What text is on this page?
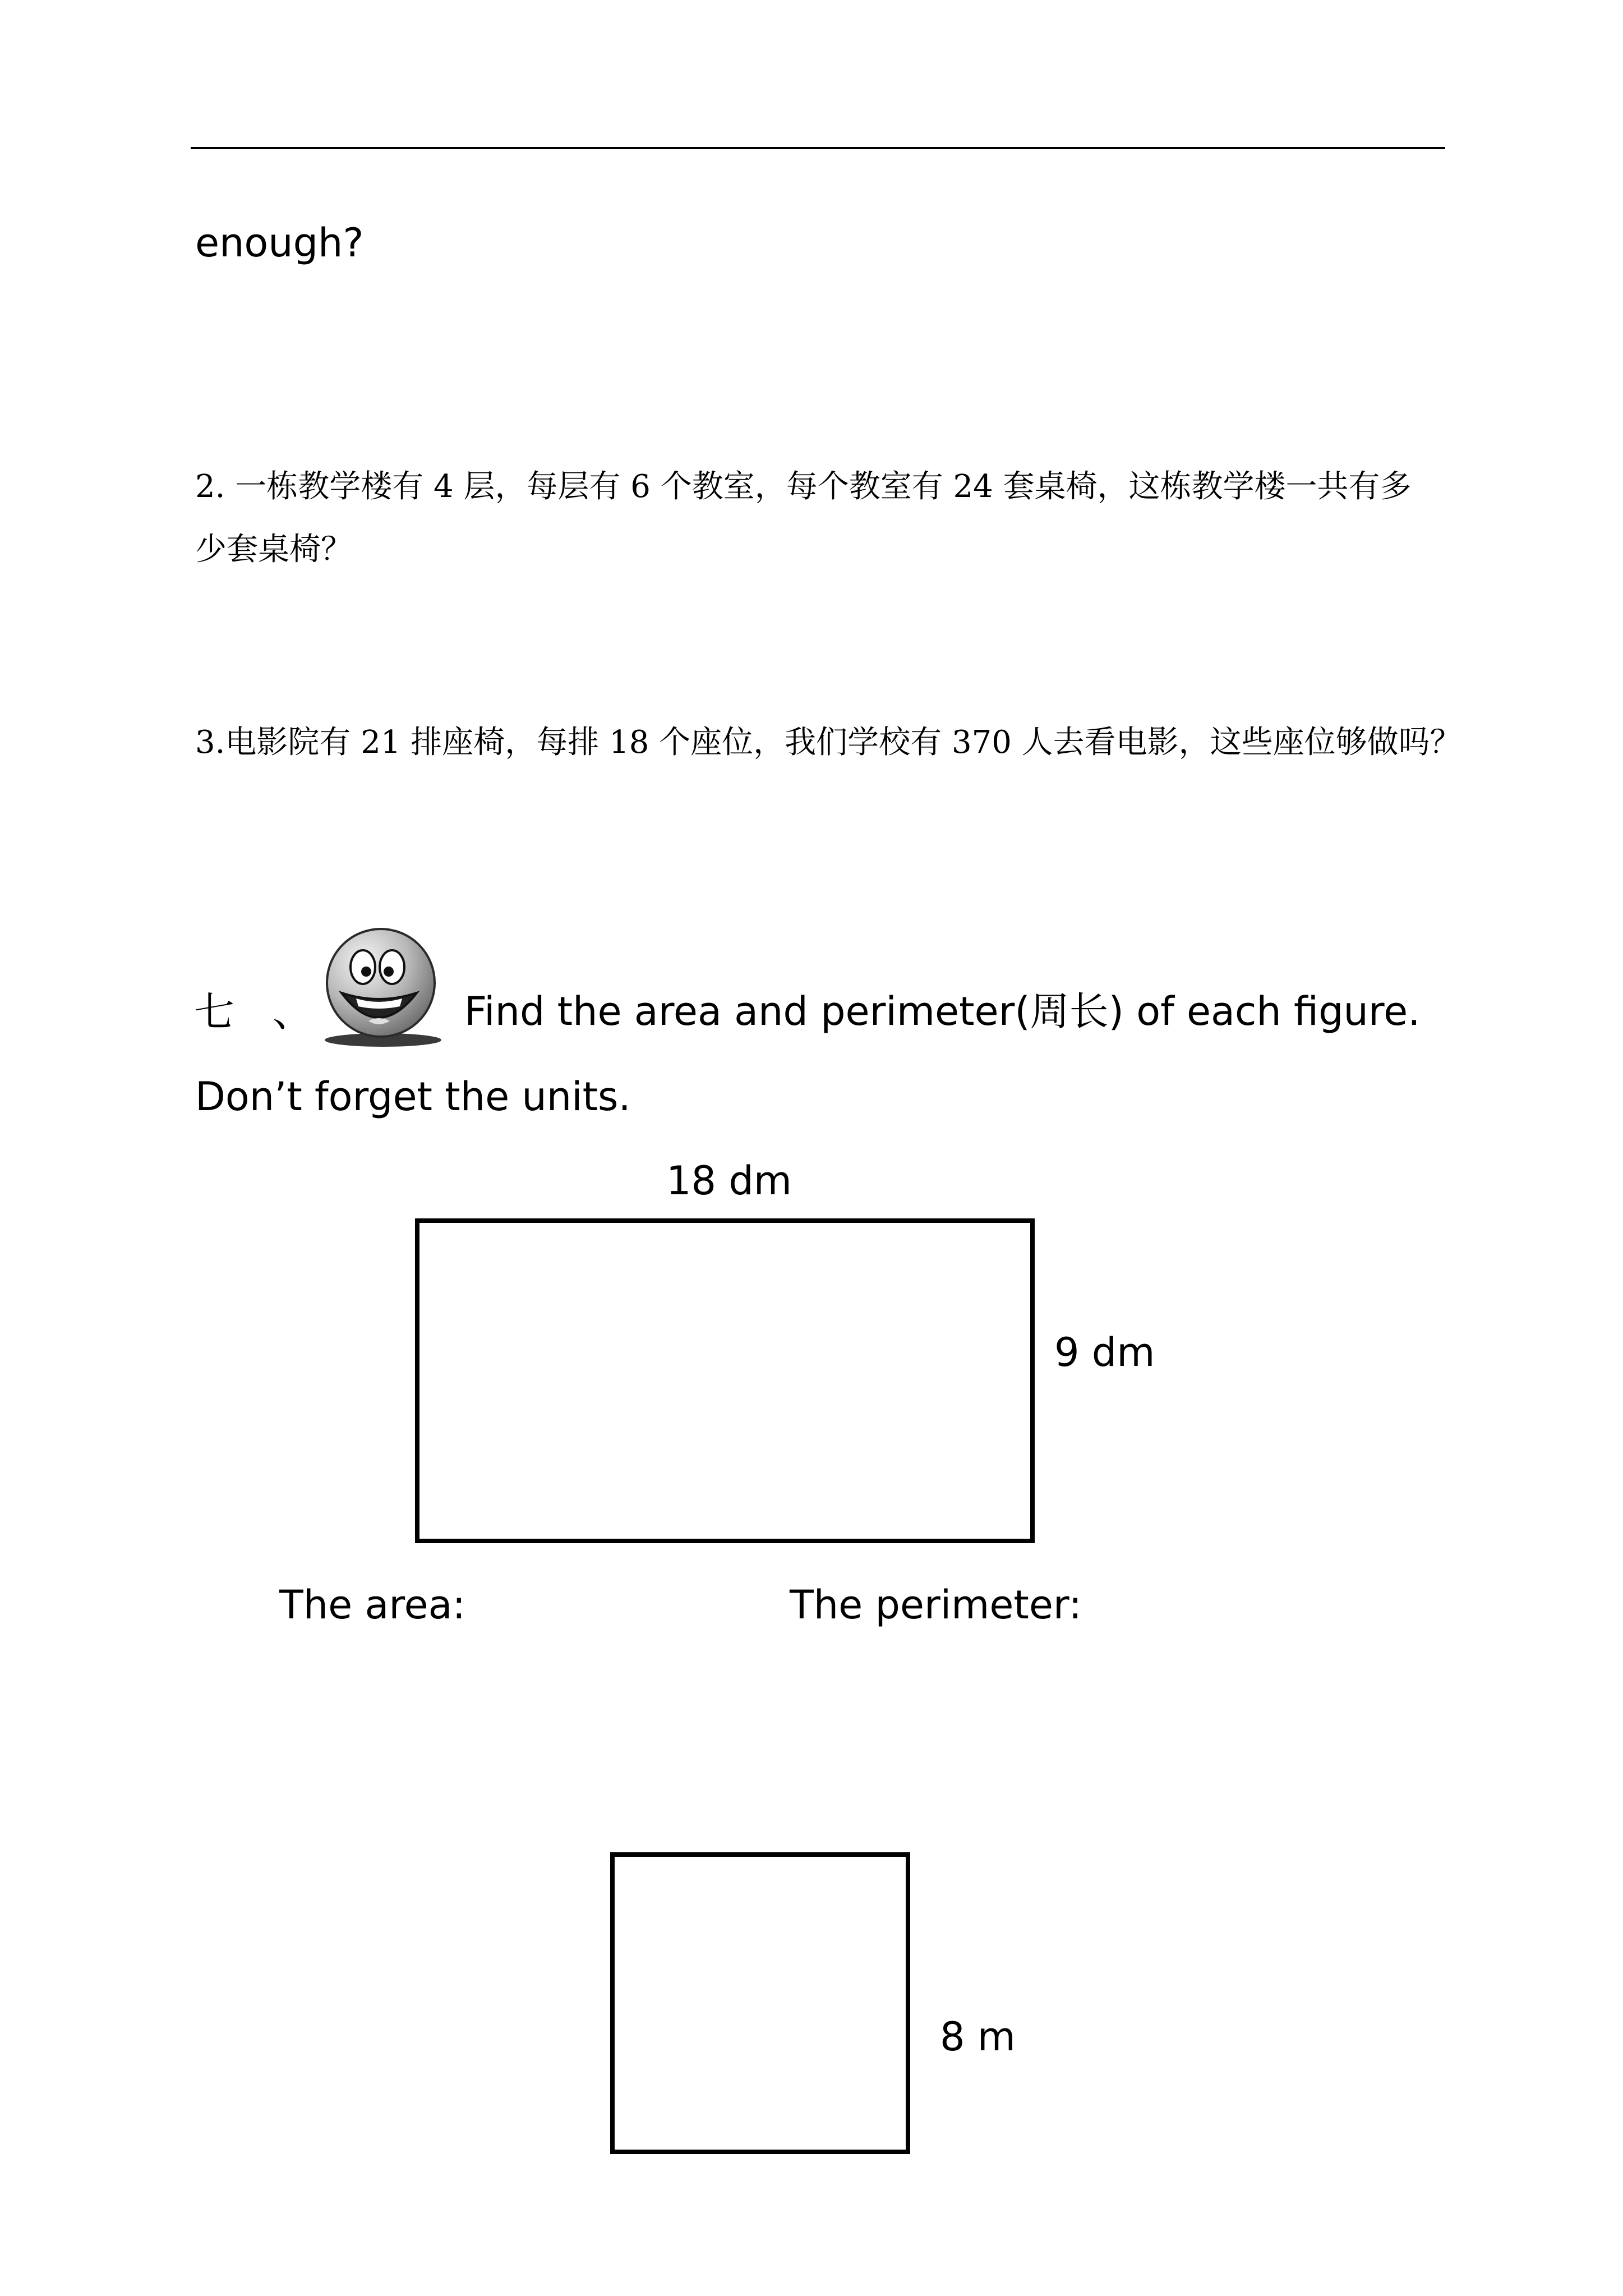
enough?
2. 一栋教学楼有 4 层，每层有 6 个教室，每个教室有 24 套桌椅，这栋教学楼一共有多
少套桌椅？
3.电影院有 21 排座椅，每排 18 个座位，我们学校有 370 人去看电影，这些座位够做吗？
七 、	Find the area and perimeter(周长) of each figure.
Don’t forget the units.
18 dm
9 dm
The area:	The perimeter:
8 m
